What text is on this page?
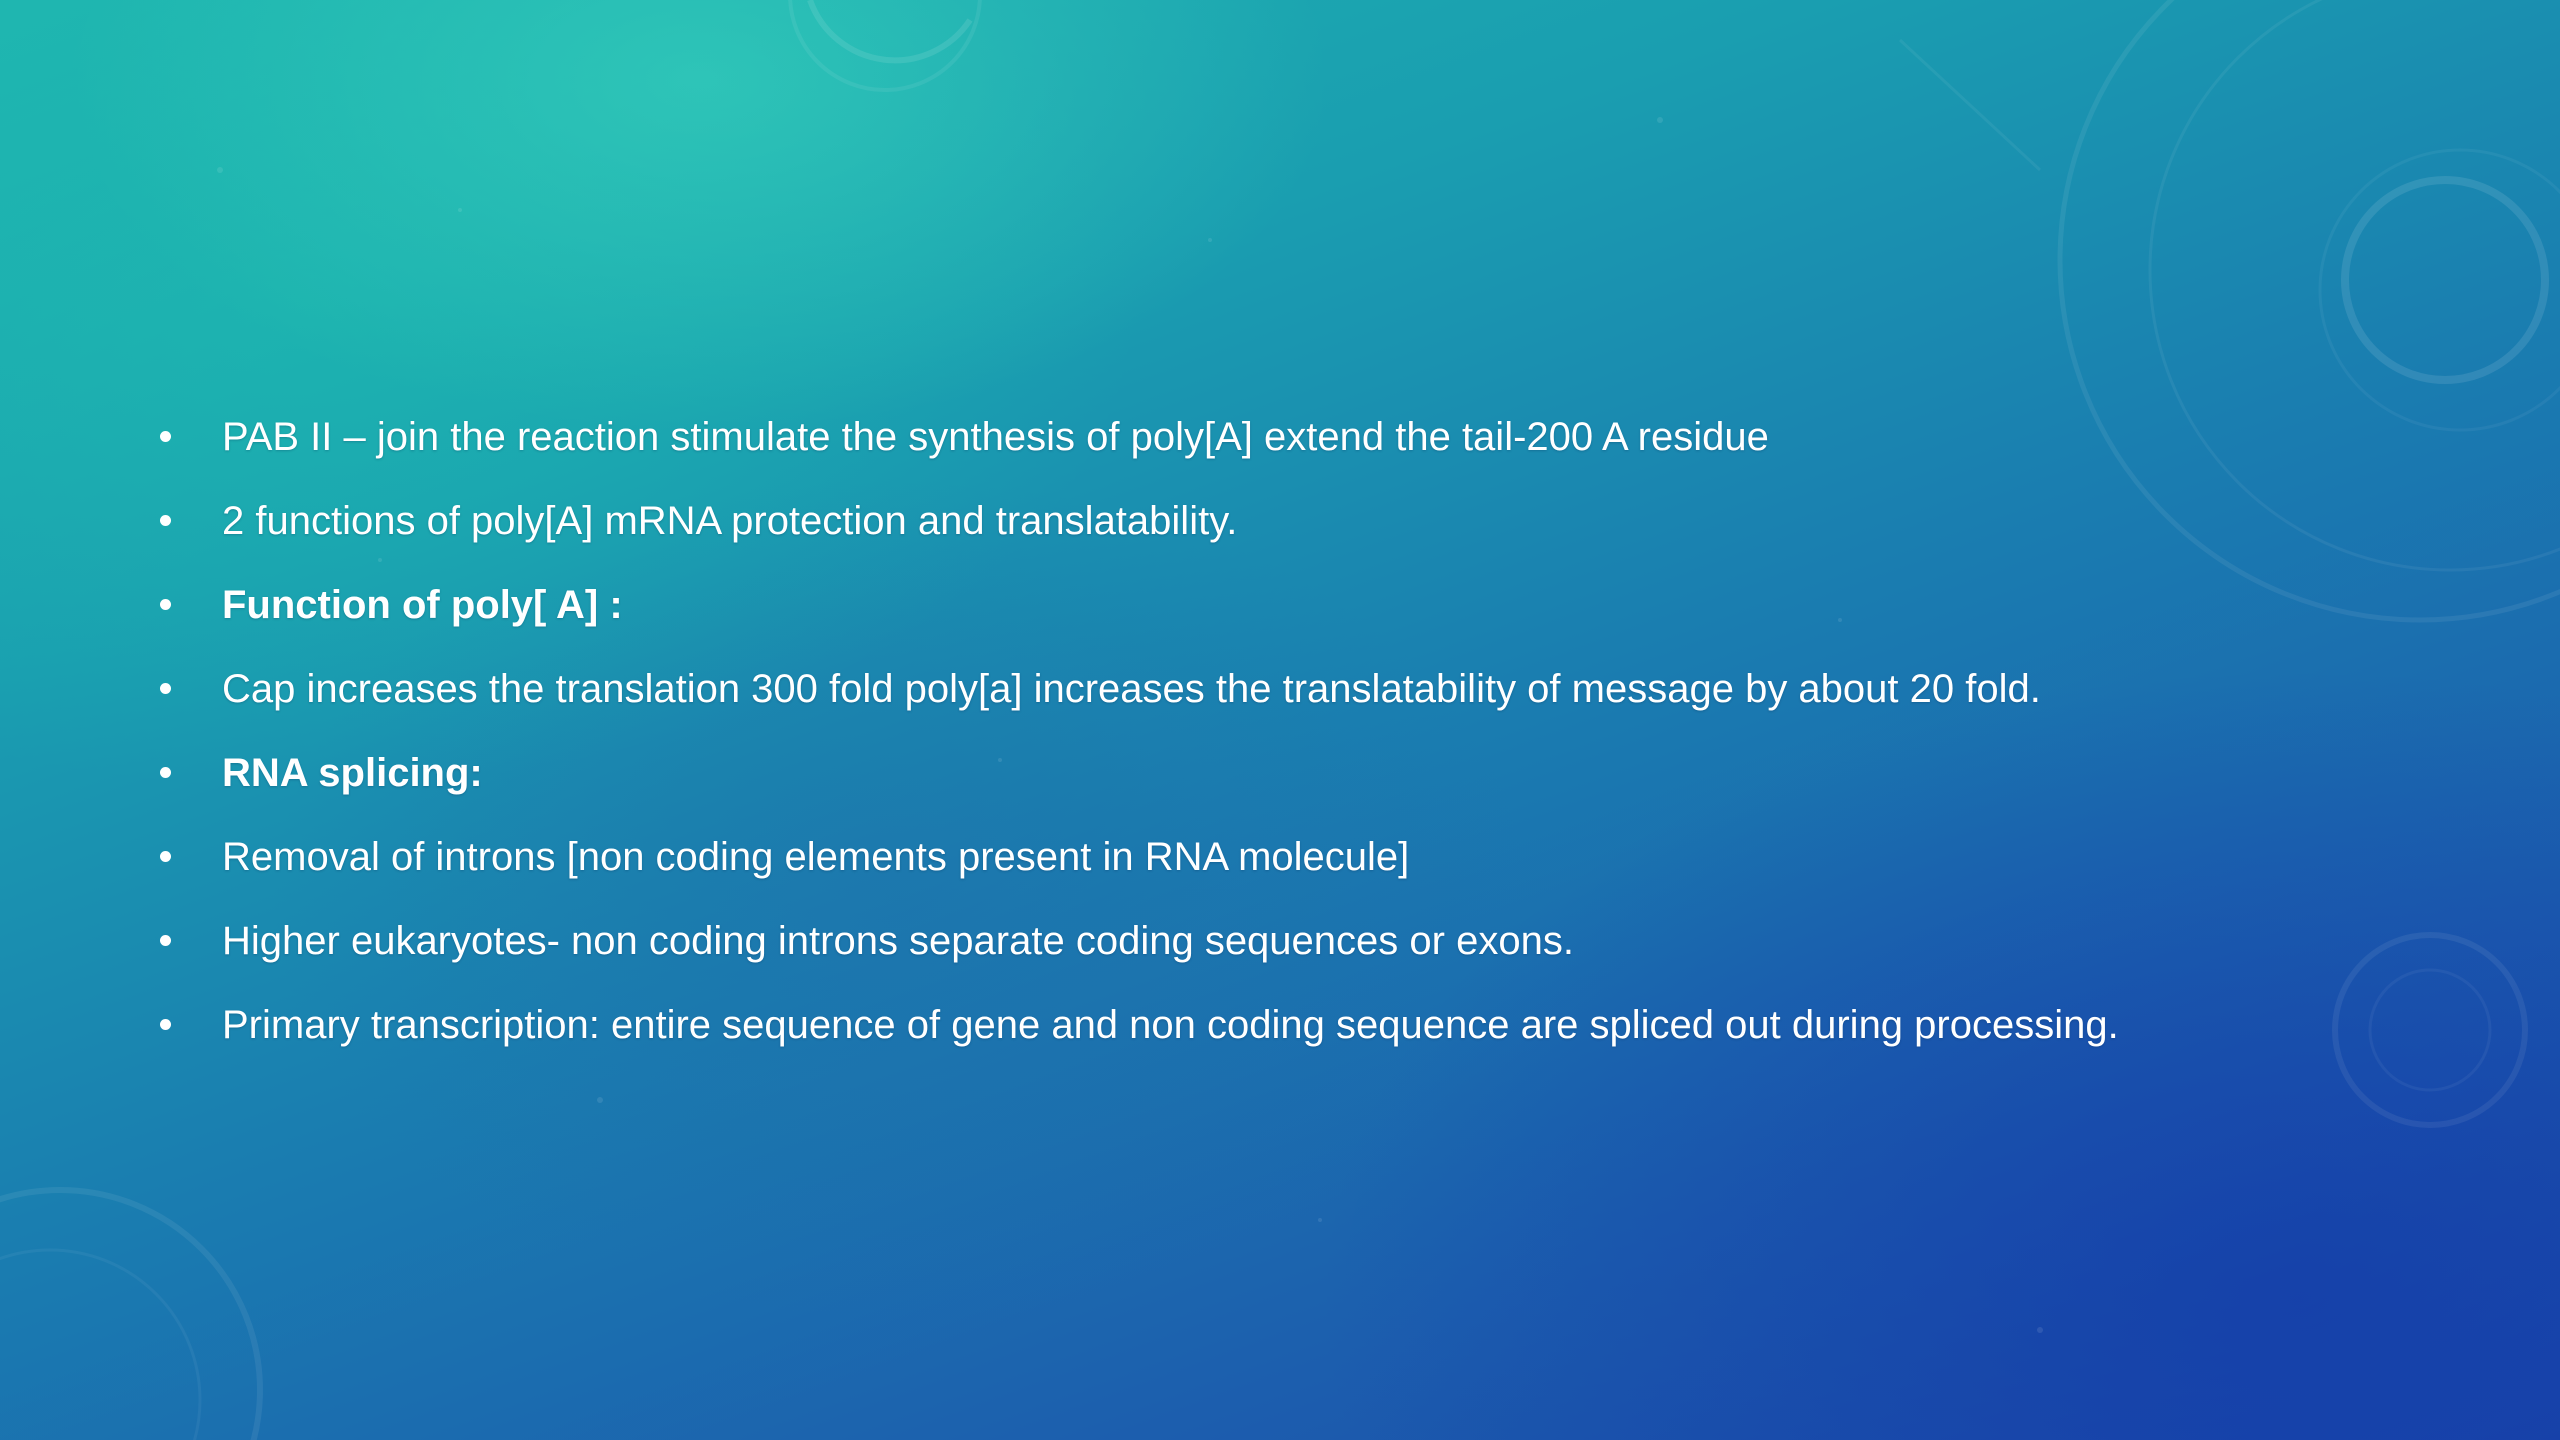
PAB II – join the reaction stimulate the synthesis of poly[A] extend the tail-200 A residue
2 functions of poly[A] mRNA protection and translatability.
Function of poly[ A] :
Cap increases the translation 300 fold poly[a] increases the translatability of message by about 20 fold.
RNA splicing:
Removal of introns [non coding elements present in RNA molecule]
Higher eukaryotes- non coding introns separate coding sequences or exons.
Primary transcription: entire sequence of gene and non coding sequence are spliced out during processing.
